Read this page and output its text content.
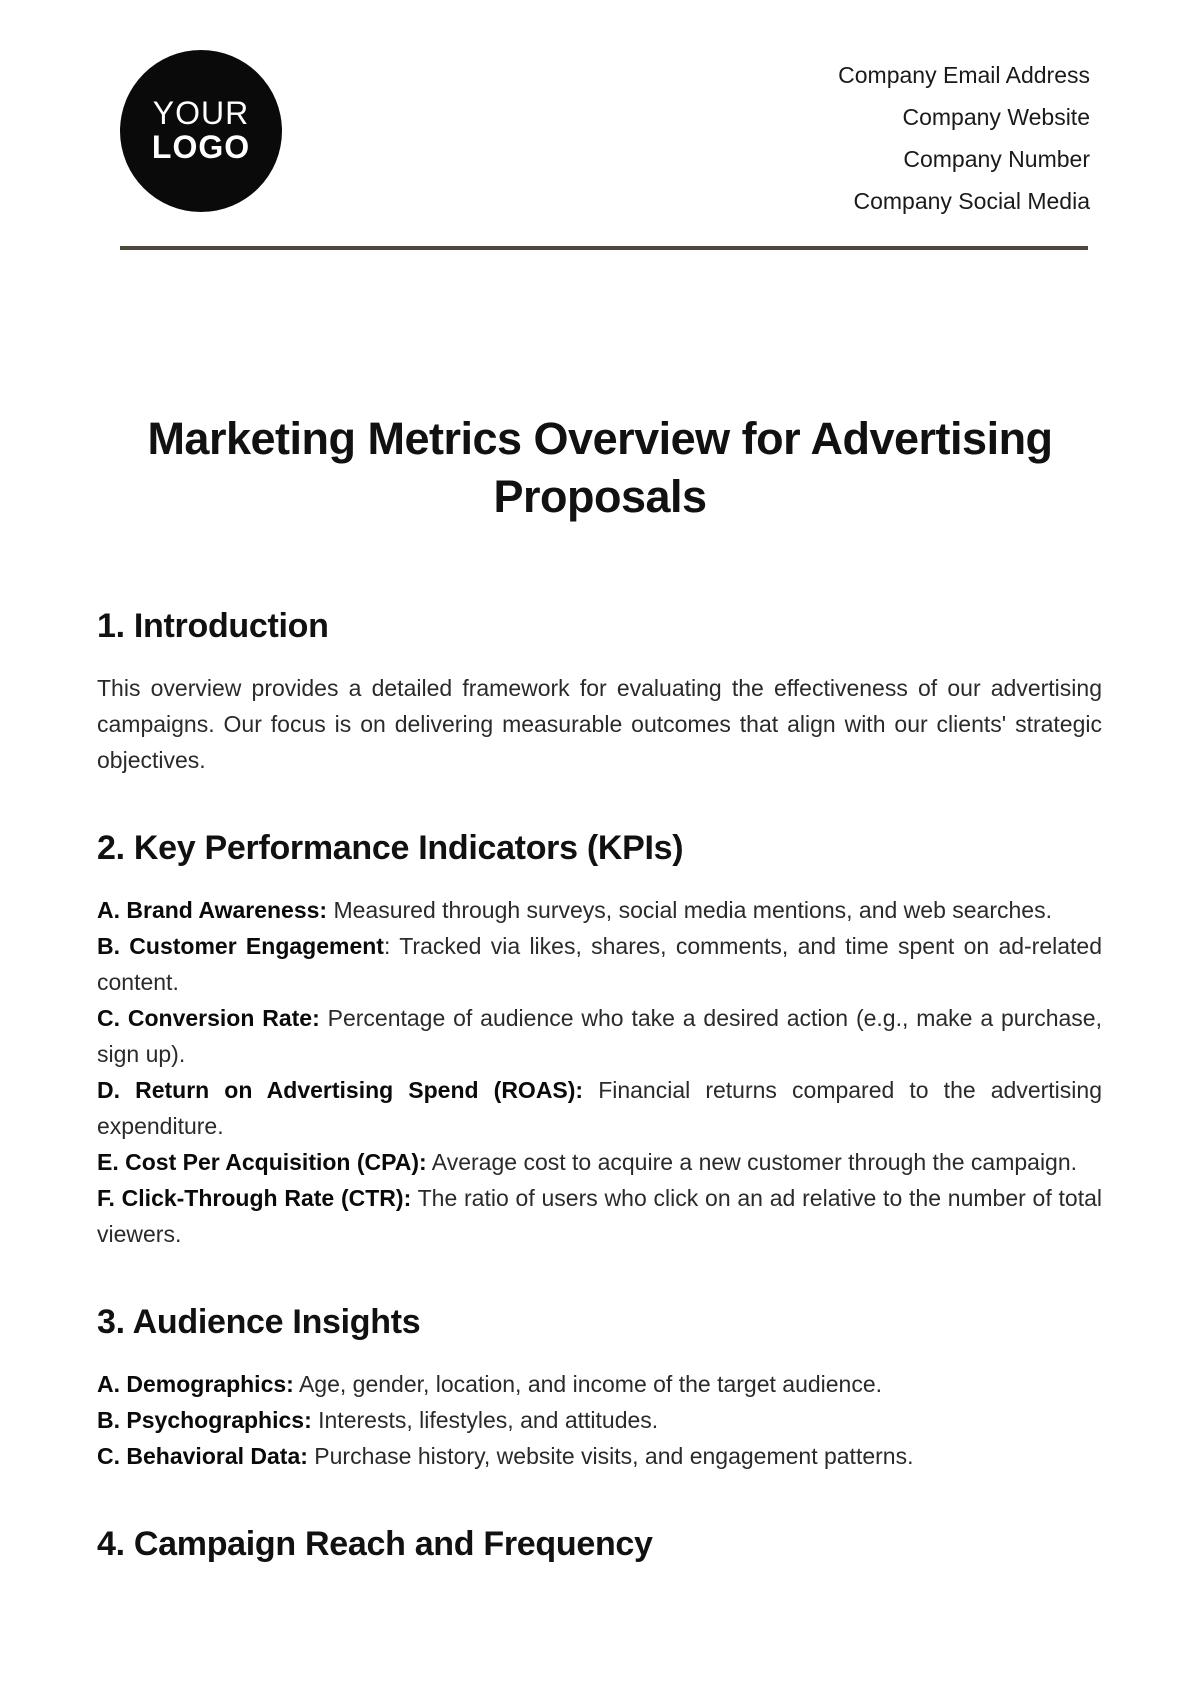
YOUR
LOGO
Company Email Address
Company Website
Company Number
Company Social Media
Marketing Metrics Overview for Advertising Proposals
1. Introduction

This overview provides a detailed framework for evaluating the effectiveness of our advertising campaigns. Our focus is on delivering measurable outcomes that align with our clients' strategic objectives.

2. Key Performance Indicators (KPIs)

A. Brand Awareness: Measured through surveys, social media mentions, and web searches.

B. Customer Engagement: Tracked via likes, shares, comments, and time spent on ad-related content.

C. Conversion Rate: Percentage of audience who take a desired action (e.g., make a purchase, sign up).

D. Return on Advertising Spend (ROAS): Financial returns compared to the advertising expenditure.

E. Cost Per Acquisition (CPA): Average cost to acquire a new customer through the campaign.

F. Click-Through Rate (CTR): The ratio of users who click on an ad relative to the number of total viewers.

3. Audience Insights

A. Demographics: Age, gender, location, and income of the target audience.

B. Psychographics: Interests, lifestyles, and attitudes.

C. Behavioral Data: Purchase history, website visits, and engagement patterns.

4. Campaign Reach and Frequency
